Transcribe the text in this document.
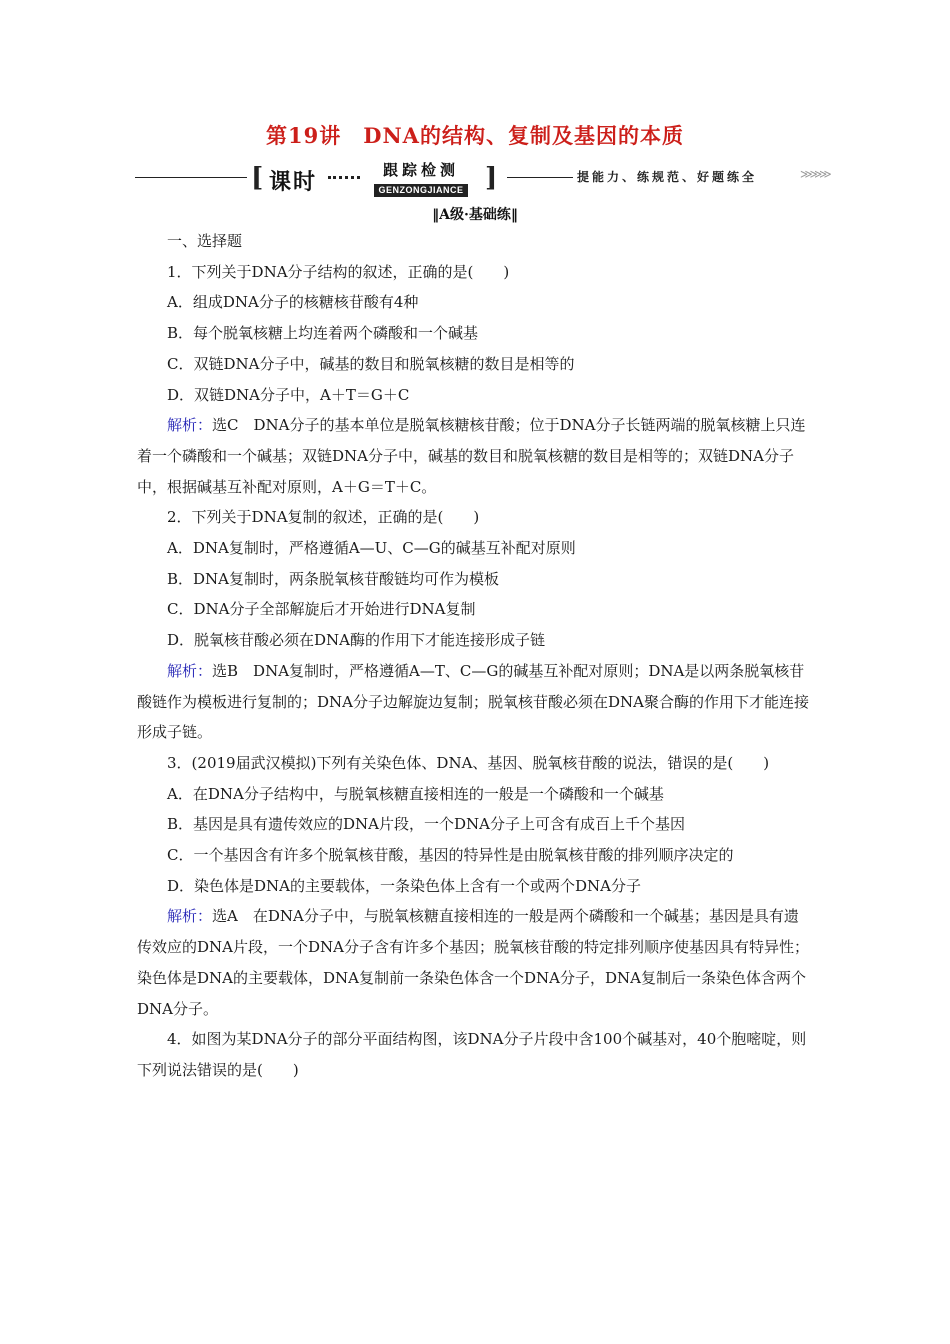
第19讲　DNA的结构、复制及基因的本质
[ 课时	跟踪检测
GENZONGJIANCE ]	提能力、练规范、好题练全	≫≫≫
‖A级·基础练‖

一、选择题

1．下列关于DNA分子结构的叙述，正确的是(　　)

A．组成DNA分子的核糖核苷酸有4种

B．每个脱氧核糖上均连着两个磷酸和一个碱基

C．双链DNA分子中，碱基的数目和脱氧核糖的数目是相等的

D．双链DNA分子中，A＋T＝G＋C

解析：选C　DNA分子的基本单位是脱氧核糖核苷酸；位于DNA分子长链两端的脱氧核糖上只连着一个磷酸和一个碱基；双链DNA分子中，碱基的数目和脱氧核糖的数目是相等的；双链DNA分子中，根据碱基互补配对原则，A＋G＝T＋C。

2．下列关于DNA复制的叙述，正确的是(　　)

A．DNA复制时，严格遵循A—U、C—G的碱基互补配对原则

B．DNA复制时，两条脱氧核苷酸链均可作为模板

C．DNA分子全部解旋后才开始进行DNA复制

D．脱氧核苷酸必须在DNA酶的作用下才能连接形成子链

解析：选B　DNA复制时，严格遵循A—T、C—G的碱基互补配对原则；DNA是以两条脱氧核苷酸链作为模板进行复制的；DNA分子边解旋边复制；脱氧核苷酸必须在DNA聚合酶的作用下才能连接形成子链。

3．(2019届武汉模拟)下列有关染色体、DNA、基因、脱氧核苷酸的说法，错误的是(　　)

A．在DNA分子结构中，与脱氧核糖直接相连的一般是一个磷酸和一个碱基

B．基因是具有遗传效应的DNA片段，一个DNA分子上可含有成百上千个基因

C．一个基因含有许多个脱氧核苷酸，基因的特异性是由脱氧核苷酸的排列顺序决定的

D．染色体是DNA的主要载体，一条染色体上含有一个或两个DNA分子

解析：选A　在DNA分子中，与脱氧核糖直接相连的一般是两个磷酸和一个碱基；基因是具有遗传效应的DNA片段，一个DNA分子含有许多个基因；脱氧核苷酸的特定排列顺序使基因具有特异性；染色体是DNA的主要载体，DNA复制前一条染色体含一个DNA分子，DNA复制后一条染色体含两个DNA分子。

4．如图为某DNA分子的部分平面结构图，该DNA分子片段中含100个碱基对，40个胞嘧啶，则下列说法错误的是(　　)
